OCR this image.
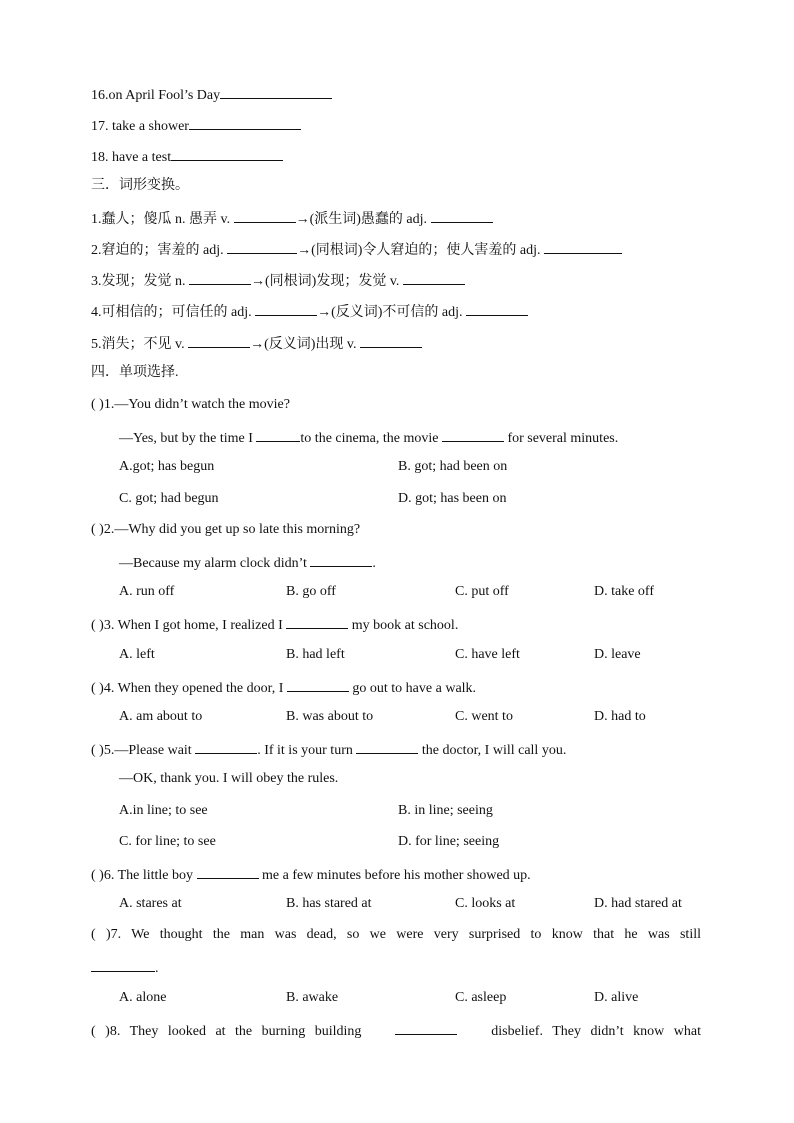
16.on April Fool’s Day
17. take a shower
18. have a test
三．词形变换。
1.蠢人；傻瓜 n. 愚弄 v.	→(派生词)愚蠢的 adj.
2.窘迫的；害羞的 adj.	→(同根词)令人窘迫的；使人害羞的 adj.
3.发现；发觉 n.	→(同根词)发现；发觉 v.
4.可相信的；可信任的 adj.	→(反义词)不可信的 adj.
5.消失；不见 v.	→(反义词)出现 v.
四．单项选择.
( )1.—You didn’t watch the movie?
—Yes, but by the time I	to the cinema, the movie	for several minutes.
A.got; has begun	B. got; had been on
C. got; had begun	D. got; has been on
( )2.—Why did you get up so late this morning?
—Because my alarm clock didn’t	.
A. run off	B. go off	C. put off	D. take off
( )3. When I got home, I realized I	my book at school.
A. left	B. had left	C. have left	D. leave
( )4. When they opened the door, I	go out to have a walk.
A. am about to	B. was about to	C. went to	D. had to
( )5.—Please wait	. If it is your turn	the doctor, I will call you.
—OK, thank you. I will obey the rules.
A.in line; to see	B. in line; seeing
C. for line; to see	D. for line; seeing
( )6. The little boy	me a few minutes before his mother showed up.
A. stares at	B. has stared at	C. looks at	D. had stared at
( )7. We thought the man was dead, so we were very surprised to know that he was still
.
A. alone	B. awake	C. asleep	D. alive
( )8. They looked at the burning building	disbelief. They didn’t know what
